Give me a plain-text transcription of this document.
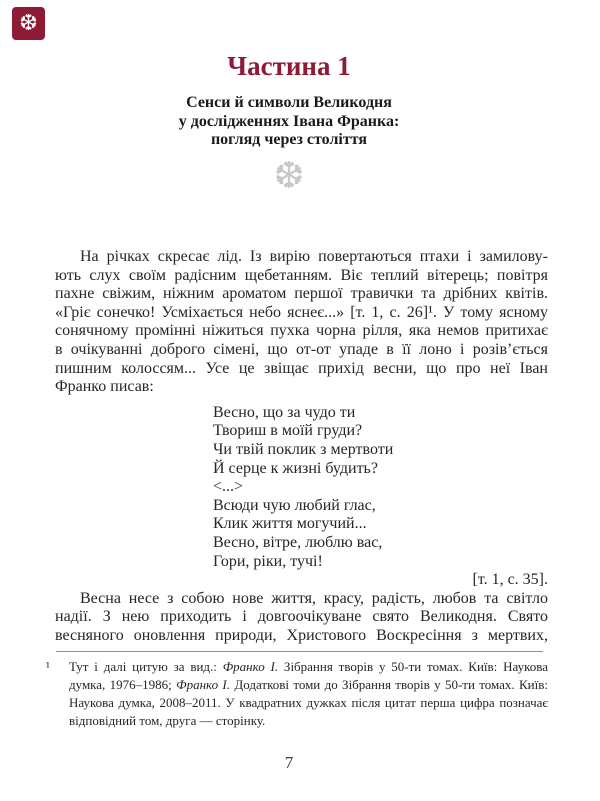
❆
Частина 1
Сенси й символи Великодня
у дослідженнях Івана Франка:
погляд через століття
❆
На річках скресає лід. Із вирію повертаються птахи і замилову-
ють слух своїм радісним щебетанням. Віє теплий вітерець; повітря
пахне свіжим, ніжним ароматом першої травички та дрібних квітів.
«Гріє сонечко! Усміхається небо яснеє...» [т. 1, с. 26]¹. У тому ясному
сонячному промінні ніжиться пухка чорна рілля, яка немов притихає
в очікуванні доброго сімені, що от-от упаде в її лоно і розів’ється
пишним колоссям... Усе це звіщає прихід весни, що про неї Іван
Франко писав:
Весно, що за чудо ти
Твориш в моїй груди?
Чи твій поклик з мертвоти
Й серце к жизні будить?
<...>
Всюди чую любий глас,
Клик життя могучий...
Весно, вітре, люблю вас,
Гори, ріки, тучі!
[т. 1, с. 35].
Весна несе з собою нове життя, красу, радість, любов та світло
надії. З нею приходить і довгоочікуване свято Великодня. Свято
весняного оновлення природи, Христового Воскресіння з мертвих,
¹ Тут і далі цитую за вид.: Франко І. Зібрання творів у 50-ти томах. Київ: Наукова думка, 1976–1986; Франко І. Додаткові томи до Зібрання творів у 50-ти томах. Київ: Наукова думка, 2008–2011. У квадратних дужках після цитат перша цифра позначає відповідний том, друга — сторінку.
7
